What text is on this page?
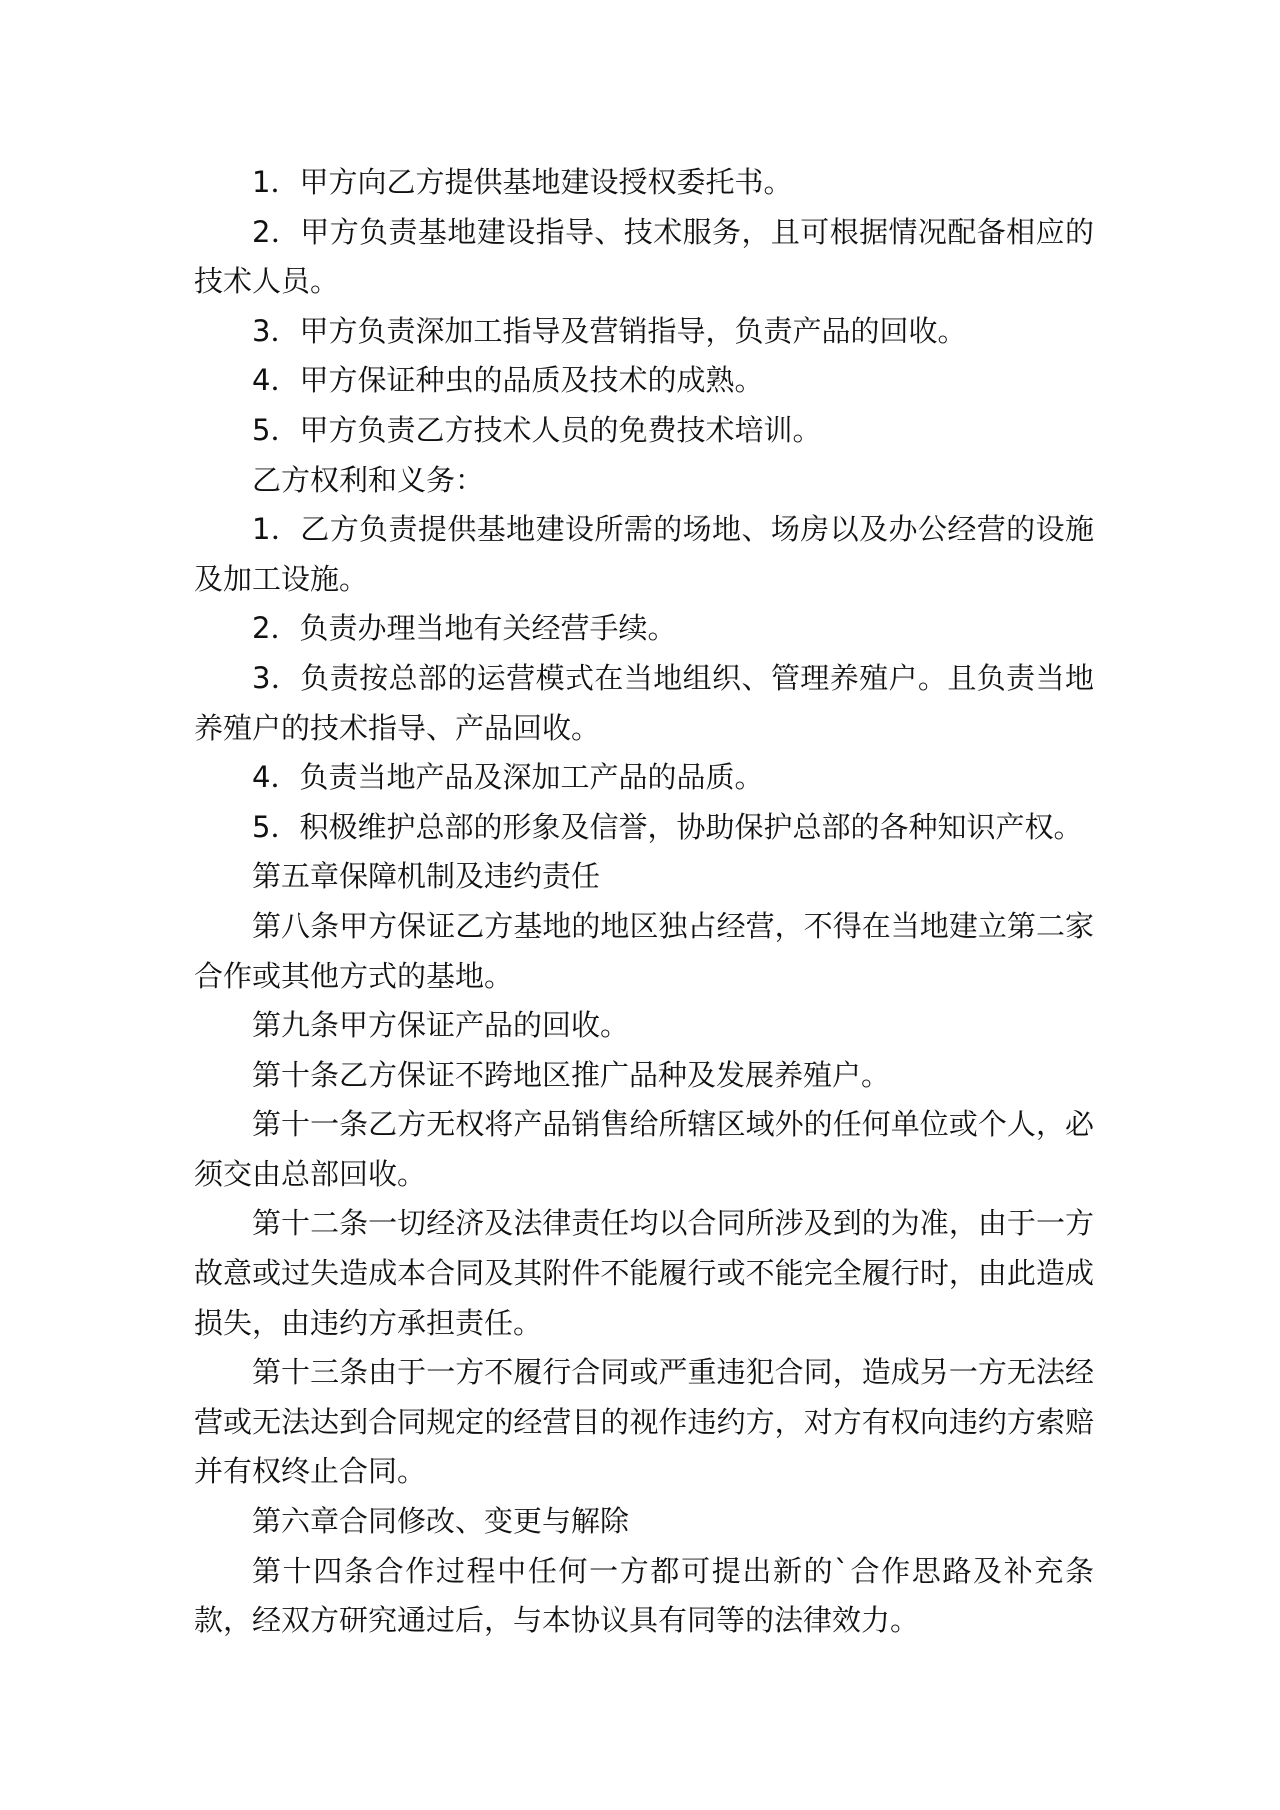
1．甲方向乙方提供基地建设授权委托书。

2．甲方负责基地建设指导、技术服务，且可根据情况配备相应的技术人员。

3．甲方负责深加工指导及营销指导，负责产品的回收。

4．甲方保证种虫的品质及技术的成熟。

5．甲方负责乙方技术人员的免费技术培训。

乙方权利和义务：

1．乙方负责提供基地建设所需的场地、场房以及办公经营的设施及加工设施。

2．负责办理当地有关经营手续。

3．负责按总部的运营模式在当地组织、管理养殖户。且负责当地养殖户的技术指导、产品回收。

4．负责当地产品及深加工产品的品质。

5．积极维护总部的形象及信誉，协助保护总部的各种知识产权。

第五章保障机制及违约责任

第八条甲方保证乙方基地的地区独占经营，不得在当地建立第二家合作或其他方式的基地。

第九条甲方保证产品的回收。

第十条乙方保证不跨地区推广品种及发展养殖户。

第十一条乙方无权将产品销售给所辖区域外的任何单位或个人，必须交由总部回收。

第十二条一切经济及法律责任均以合同所涉及到的为准，由于一方故意或过失造成本合同及其附件不能履行或不能完全履行时，由此造成损失，由违约方承担责任。

第十三条由于一方不履行合同或严重违犯合同，造成另一方无法经营或无法达到合同规定的经营目的视作违约方，对方有权向违约方索赔并有权终止合同。

第六章合同修改、变更与解除

第十四条合作过程中任何一方都可提出新的`合作思路及补充条款，经双方研究通过后，与本协议具有同等的法律效力。
